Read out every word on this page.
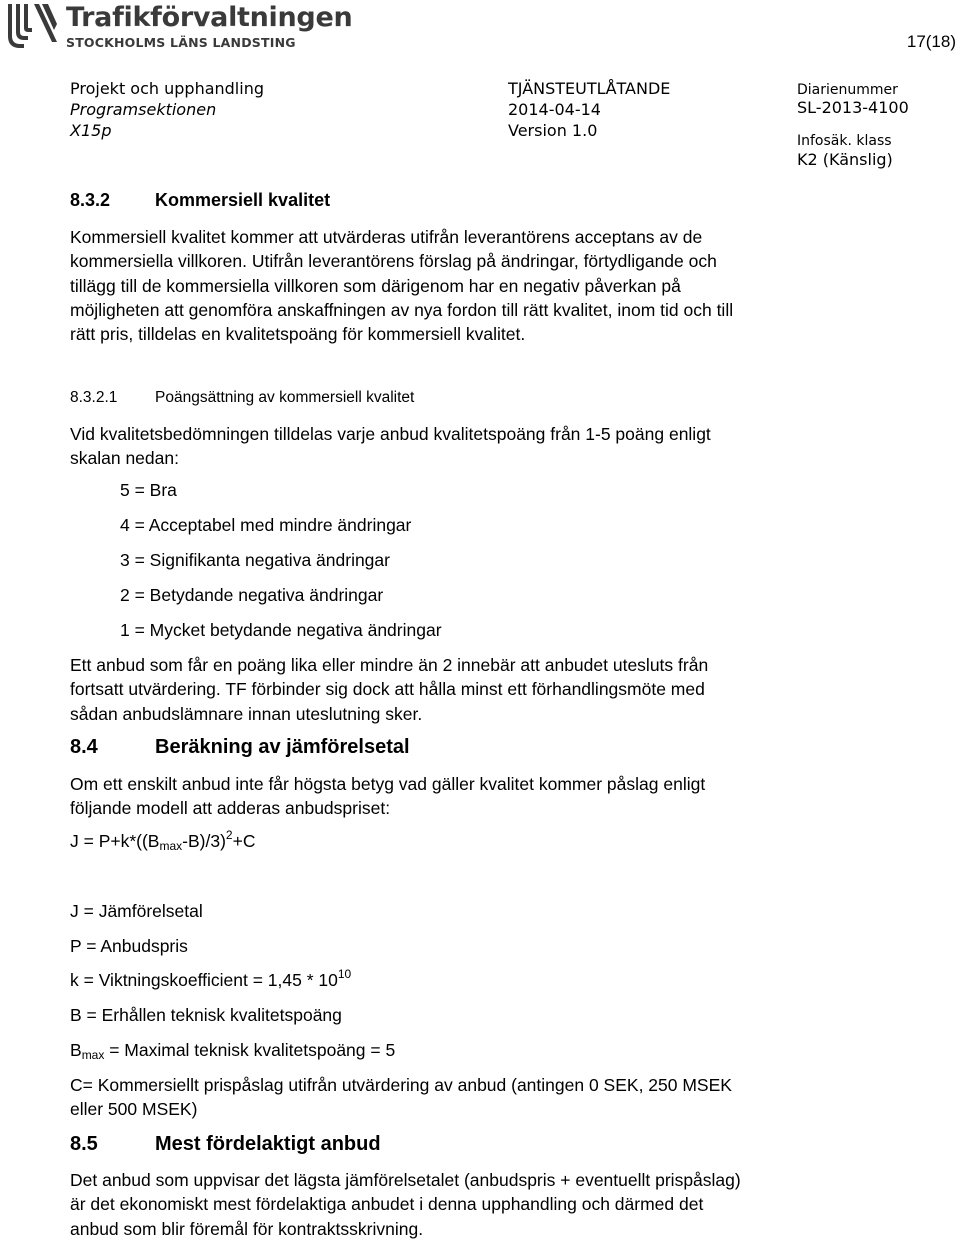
Trafikförvaltningen
STOCKHOLMS LÄNS LANDSTING	17(18)
Projekt och upphandling
Programsektionen
X15p
TJÄNSTEUTLÅTANDE
2014-04-14
Version 1.0
Diarienummer
SL-2013-4100
Infosäk. klass
K2 (Känslig)
8.3.2 Kommersiell kvalitet
Kommersiell kvalitet kommer att utvärderas utifrån leverantörens acceptans av de
kommersiella villkoren. Utifrån leverantörens förslag på ändringar, förtydligande och
tillägg till de kommersiella villkoren som därigenom har en negativ påverkan på
möjligheten att genomföra anskaffningen av nya fordon till rätt kvalitet, inom tid och till
rätt pris, tilldelas en kvalitetspoäng för kommersiell kvalitet.
8.3.2.1 Poängsättning av kommersiell kvalitet
Vid kvalitetsbedömningen tilldelas varje anbud kvalitetspoäng från 1-5 poäng enligt
skalan nedan:
5 = Bra
4 = Acceptabel med mindre ändringar
3 = Signifikanta negativa ändringar
2 = Betydande negativa ändringar
1 = Mycket betydande negativa ändringar
Ett anbud som får en poäng lika eller mindre än 2 innebär att anbudet utesluts från
fortsatt utvärdering. TF förbinder sig dock att hålla minst ett förhandlingsmöte med
sådan anbudslämnare innan uteslutning sker.
8.4	Beräkning av jämförelsetal
Om ett enskilt anbud inte får högsta betyg vad gäller kvalitet kommer påslag enligt
följande modell att adderas anbudspriset:
$J = P+k*((B_{max}-B)/3)^2+C$
J = Jämförelsetal
P = Anbudspris
k = Viktningskoefficient = $1,45 * 10^{10}$
B = Erhållen teknisk kvalitetspoäng
$B_{max}$ = Maximal teknisk kvalitetspoäng = 5
C= Kommersiellt prispåslag utifrån utvärdering av anbud (antingen 0 SEK, 250 MSEK
eller 500 MSEK)
8.5	Mest fördelaktigt anbud
Det anbud som uppvisar det lägsta jämförelsetalet (anbudspris + eventuellt prispåslag)
är det ekonomiskt mest fördelaktiga anbudet i denna upphandling och därmed det
anbud som blir föremål för kontraktsskrivning.
